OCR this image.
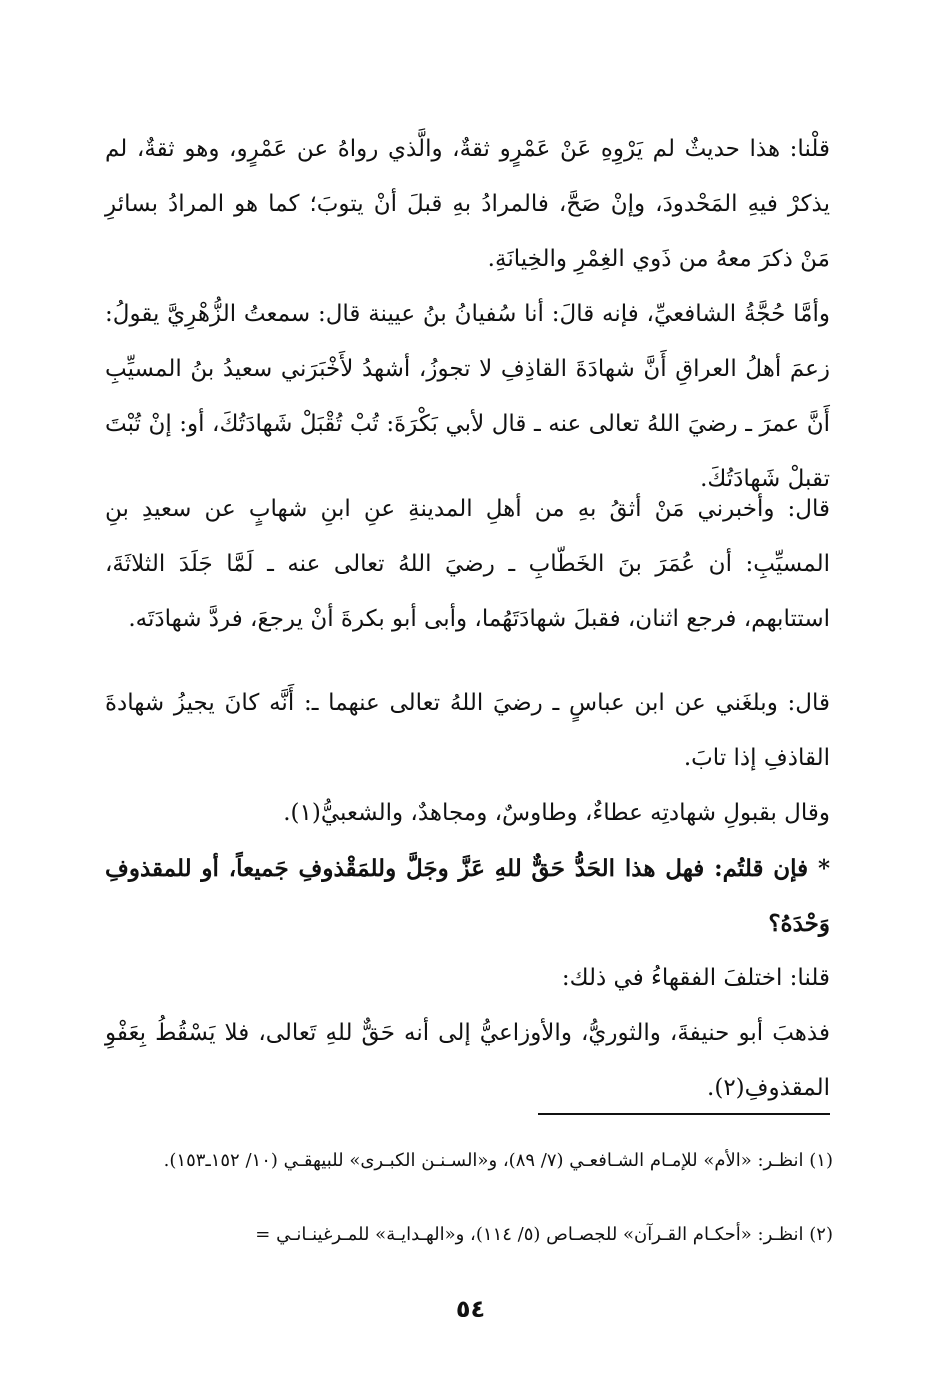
قلْنا: هذا حديثٌ لم يَرْوِهِ عَنْ عَمْرٍو ثقةٌ، والَّذي رواهُ عن عَمْرٍو، وهو ثقةٌ، لم يذكرْ فيهِ المَحْدودَ، وإنْ صَحَّ، فالمرادُ بهِ قبلَ أنْ يتوبَ؛ كما هو المرادُ بسائرِ مَنْ ذكرَ معهُ من ذَوي الغِمْرِ والخِيانَةِ.

وأمَّا حُجَّةُ الشافعيِّ، فإنه قالَ: أنا سُفيانُ بنُ عيينة قال: سمعتُ الزُّهْرِيَّ يقولُ: زعمَ أهلُ العراقِ أَنَّ شهادَةَ القاذِفِ لا تجوزُ، أشهدُ لأَخْبَرَني سعيدُ بنُ المسيِّبِ أَنَّ عمرَ ـ رضيَ اللهُ تعالى عنه ـ قال لأبي بَكْرَةَ: تُبْ تُقْبَلْ شَهادَتُكَ، أو: إنْ تُبْتَ تقبلْ شَهادَتُكَ.

قال: وأخبرني مَنْ أثقُ بهِ من أهلِ المدينةِ عنِ ابنِ شهابٍ عن سعيدِ بنِ المسيِّبِ: أن عُمَرَ بنَ الخَطّابِ ـ رضيَ اللهُ تعالى عنه ـ لَمَّا جَلَدَ الثلاثَةَ، استتابهم، فرجع اثنان، فقبلَ شهادَتَهُما، وأبى أبو بكرةَ أنْ يرجعَ، فردَّ شهادَتَه.

قال: وبلغَني عن ابن عباسٍ ـ رضيَ اللهُ تعالى عنهما ـ: أَنَّه كانَ يجيزُ شهادةَ القاذفِ إذا تابَ.

وقال بقبولِ شهادتِه عطاءٌ، وطاوسٌ، ومجاهدٌ، والشعبيُّ(١).

* فإن قلتُم: فهل هذا الحَدُّ حَقٌّ للهِ عَزَّ وجَلَّ وللمَقْذوفِ جَميعاً، أو للمقذوفِ وَحْدَهُ؟

قلنا: اختلفَ الفقهاءُ في ذلك:

فذهبَ أبو حنيفةَ، والثوريُّ، والأوزاعيُّ إلى أنه حَقٌّ للهِ تَعالى، فلا يَسْقُطُ بِعَفْوِ المقذوفِ(٢).

(١) انظـر: «الأم» للإمـام الشـافعـي (٧/ ٨٩)، و«السـنـن الكبـرى» للبيهقـي (١٠/ ١٥٢ـ١٥٣).

(٢) انظـر: «أحكـام القـرآن» للجصـاص (٥/ ١١٤)، و«الهـدايـة» للمـرغينـانـي =

٥٤
